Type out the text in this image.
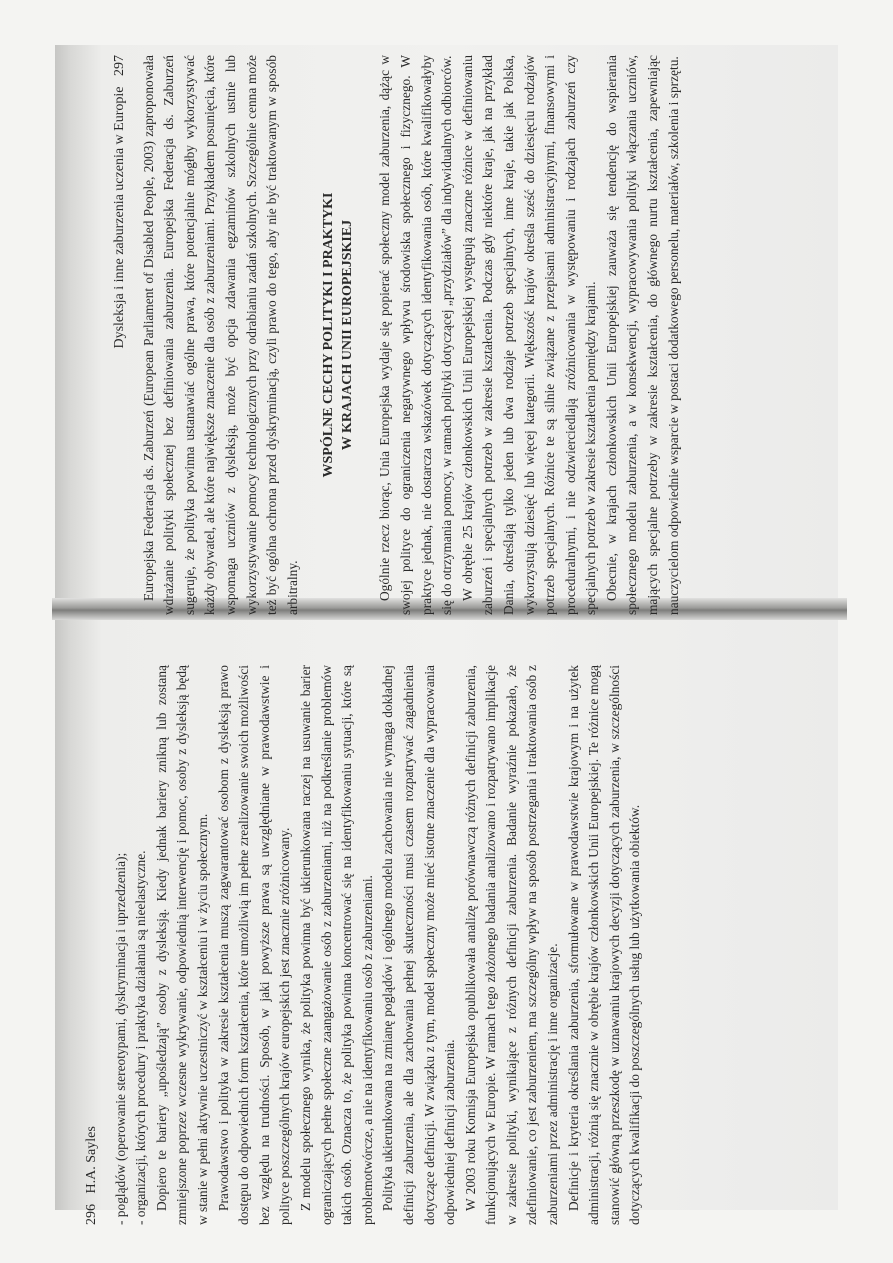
296   H.A. Sayles - poglądów (operowanie stereotypami, dyskryminacja i uprzedzenia); - organizacji, których procedury i praktyka działania są nieelastyczne. Dopiero te bariery „upośledzają” osoby z dysleksją. Kiedy jednak bariery znikną lub zostaną zmniejszone poprzez wczesne wykrywanie, odpowiednią interwencję i pomoc, osoby z dysleksją będą w stanie w pełni aktywnie uczestniczyć w kształceniu i w życiu społecznym. Prawodawstwo i polityka w zakresie kształcenia muszą zagwarantować osobom z dysleksją prawo dostępu do odpowiednich form kształcenia, które umożliwią im pełne zrealizowanie swoich możliwości bez względu na trudności. Sposób, w jaki powyższe prawa są uwzględniane w prawodawstwie i polityce poszczególnych krajów europejskich jest znacznie zróżnicowany. Z modelu społecznego wynika, że polityka powinna być ukierunkowana raczej na usuwanie barier ograniczających pełne społeczne zaangażowanie osób z zaburzeniami, niż na podkreślanie problemów takich osób. Oznacza to, że polityka powinna koncentrować się na identyfikowaniu sytuacji, które są problemotwórcze, a nie na identyfikowaniu osób z zaburzeniami. Polityka ukierunkowana na zmianę poglądów i ogólnego modelu zachowania nie wymaga dokładnej definicji zaburzenia, ale dla zachowania pełnej skuteczności musi czasem rozpatrywać zagadnienia dotyczące definicji. W związku z tym, model społeczny może mieć istotne znaczenie dla wypracowania odpowiedniej definicji zaburzenia. W 2003 roku Komisja Europejska opublikowała analizę porównawczą różnych definicji zaburzenia, funkcjonujących w Europie. W ramach tego złożonego badania analizowano i rozpatrywano implikacje w zakresie polityki, wynikające z różnych definicji zaburzenia. Badanie wyraźnie pokazało, że zdefiniowanie, co jest zaburzeniem, ma szczególny wpływ na sposób postrzegania i traktowania osób z zaburzeniami przez administrację i inne organizacje. Definicje i kryteria określania zaburzenia, sformułowane w prawodawstwie krajowym i na użytek administracji, różnią się znacznie w obrębie krajów członkowskich Unii Europejskiej. Te różnice mogą stanowić główną przeszkodę w uznawaniu krajowych decyzji dotyczących zaburzenia, w szczególności dotyczących kwalifikacji do poszczególnych usług lub użytkowania obiektów.

Dysleksja i inne zaburzenia uczenia w Europie   297 Europejska Federacja ds. Zaburzeń (European Parliament of Disabled People, 2003) zaproponowała wdrażanie polityki społecznej bez definiowania zaburzenia. Europejska Federacja ds. Zaburzeń sugeruje, że polityka powinna ustanawiać ogólne prawa, które potencjalnie mógłby wykorzystywać każdy obywatel, ale które największe znaczenie dla osób z zaburzeniami. Przykładem posunięcia, które wspomaga uczniów z dysleksją, może być opcja zdawania egzaminów szkolnych ustnie lub wykorzystywanie pomocy technologicznych przy odrabianiu zadań szkolnych. Szczególnie cenna może też być ogólna ochrona przed dyskryminacją, czyli prawo do tego, aby nie być traktowanym w sposób arbitralny.

WSPÓLNE CECHY POLITYKI I PRAKTYKI W KRAJACH UNII EUROPEJSKIEJ Ogólnie rzecz biorąc, Unia Europejska wydaje się popierać społeczny model zaburzenia, dążąc w swojej polityce do ograniczenia negatywnego wpływu środowiska społecznego i fizycznego. W praktyce jednak, nie dostarcza wskazówek dotyczących identyfikowania osób, które kwalifikowałyby się do otrzymania pomocy, w ramach polityki dotyczącej „przydziałów” dla indywidualnych odbiorców. W obrębie 25 krajów członkowskich Unii Europejskiej występują znaczne różnice w definiowaniu zaburzeń i specjalnych potrzeb w zakresie kształcenia. Podczas gdy niektóre kraje, jak na przykład Dania, określają tylko jeden lub dwa rodzaje potrzeb specjalnych, inne kraje, takie jak Polska, wykorzystują dziesięć lub więcej kategorii. Większość krajów określa sześć do dziesięciu rodzajów potrzeb specjalnych. Różnice te są silnie związane z przepisami administracyjnymi, finansowymi i proceduralnymi, i nie odzwierciedlają zróżnicowania w występowaniu i rodzajach zaburzeń czy specjalnych potrzeb w zakresie kształcenia pomiędzy krajami. Obecnie, w krajach członkowskich Unii Europejskiej zauważa się tendencję do wspierania społecznego modelu zaburzenia, a w konsekwencji, wypracowywania polityki włączania uczniów, mających specjalne potrzeby w zakresie kształcenia, do głównego nurtu kształcenia, zapewniając nauczycielom odpowiednie wsparcie w postaci dodatkowego personelu, materiałów, szkolenia i sprzętu.
